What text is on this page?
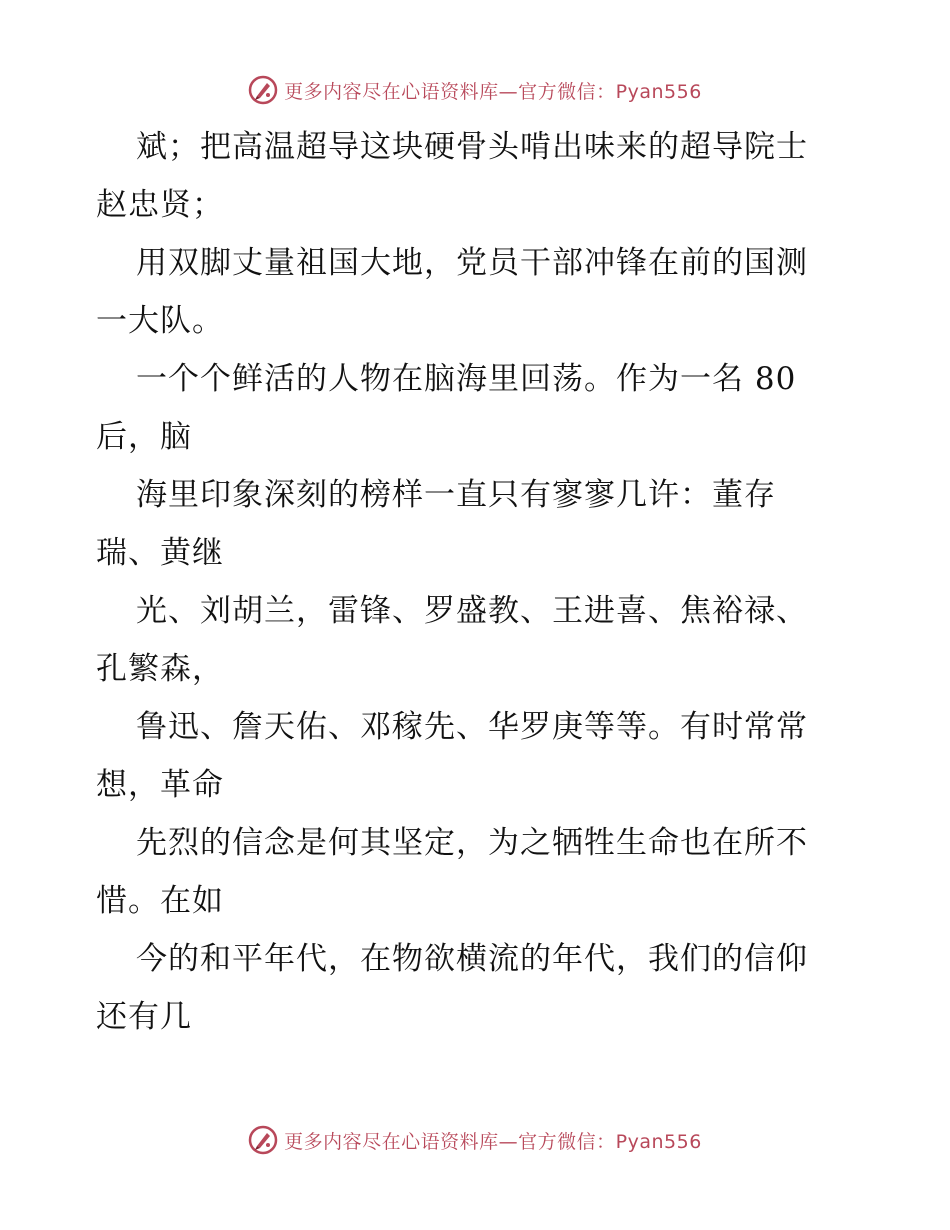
更多内容尽在心语资料库—官方微信：Pyan556
斌；把高温超导这块硬骨头啃出味来的超导院士
赵忠贤；
用双脚丈量祖国大地，党员干部冲锋在前的国测
一大队。
一个个鲜活的人物在脑海里回荡。作为一名 80
后，脑
海里印象深刻的榜样一直只有寥寥几许：董存
瑞、黄继
光、刘胡兰，雷锋、罗盛教、王进喜、焦裕禄、
孔繁森，
鲁迅、詹天佑、邓稼先、华罗庚等等。有时常常
想，革命
先烈的信念是何其坚定，为之牺牲生命也在所不
惜。在如
今的和平年代，在物欲横流的年代，我们的信仰
还有几
更多内容尽在心语资料库—官方微信：Pyan556
